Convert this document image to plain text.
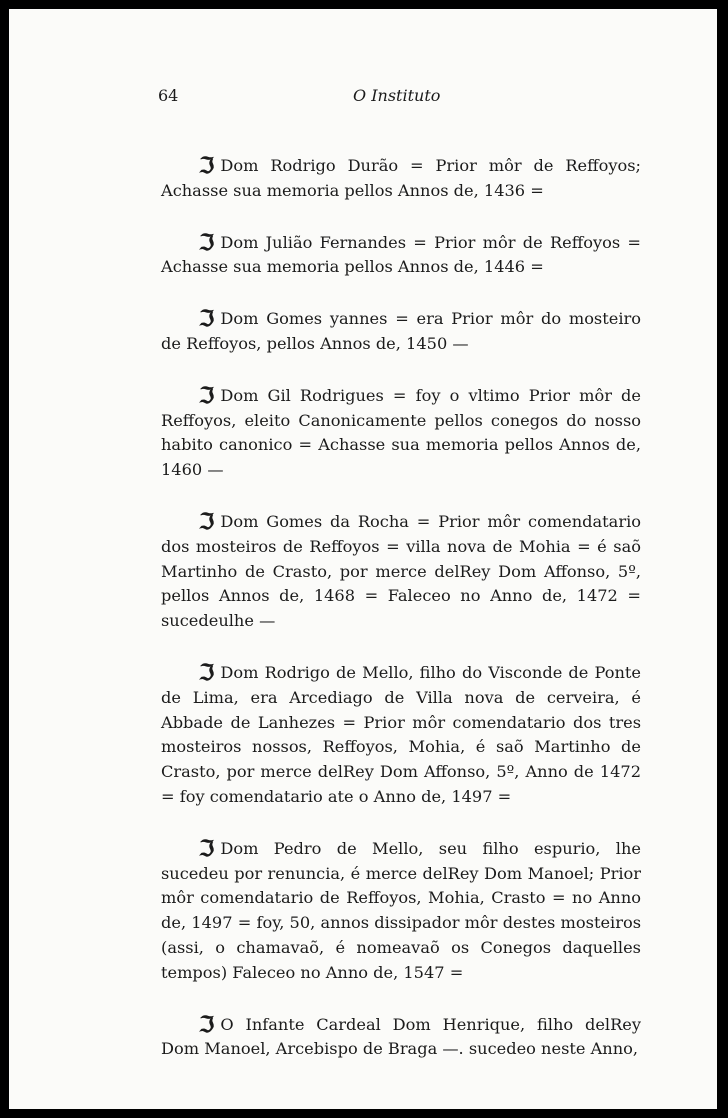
64	O Instituto

ℑ Dom Rodrigo Durão = Prior môr de Reffoyos; Achasse sua memoria pellos Annos de, 1436 =

ℑ Dom Julião Fernandes = Prior môr de Reffoyos = Achasse sua memoria pellos Annos de, 1446 =

ℑ Dom Gomes yannes = era Prior môr do mosteiro de Reffoyos, pellos Annos de, 1450 —

ℑ Dom Gil Rodrigues = foy o vltimo Prior môr de Reffoyos, eleito Canonicamente pellos conegos do nosso habito canonico = Achasse sua memoria pellos Annos de, 1460 —

ℑ Dom Gomes da Rocha = Prior môr comendatario dos mosteiros de Reffoyos = villa nova de Mohia = é saõ Martinho de Crasto, por merce delRey Dom Affonso, 5º, pellos Annos de, 1468 = Faleceo no Anno de, 1472 = sucedeulhe —

ℑ Dom Rodrigo de Mello, filho do Visconde de Ponte de Lima, era Arcediago de Villa nova de cerveira, é Abbade de Lanhezes = Prior môr comendatario dos tres mosteiros nossos, Reffoyos, Mohia, é saõ Martinho de Crasto, por merce delRey Dom Affonso, 5º, Anno de 1472 = foy comendatario ate o Anno de, 1497 =

ℑ Dom Pedro de Mello, seu filho espurio, lhe sucedeu por renuncia, é merce delRey Dom Manoel; Prior môr comendatario de Reffoyos, Mohia, Crasto = no Anno de, 1497 = foy, 50, annos dissipador môr destes mosteiros (assi, o chamavaõ, é nomeavaõ os Conegos daquelles tempos) Faleceo no Anno de, 1547 =

ℑ O Infante Cardeal Dom Henrique, filho delRey Dom Manoel, Arcebispo de Braga —. sucedeo neste Anno,
